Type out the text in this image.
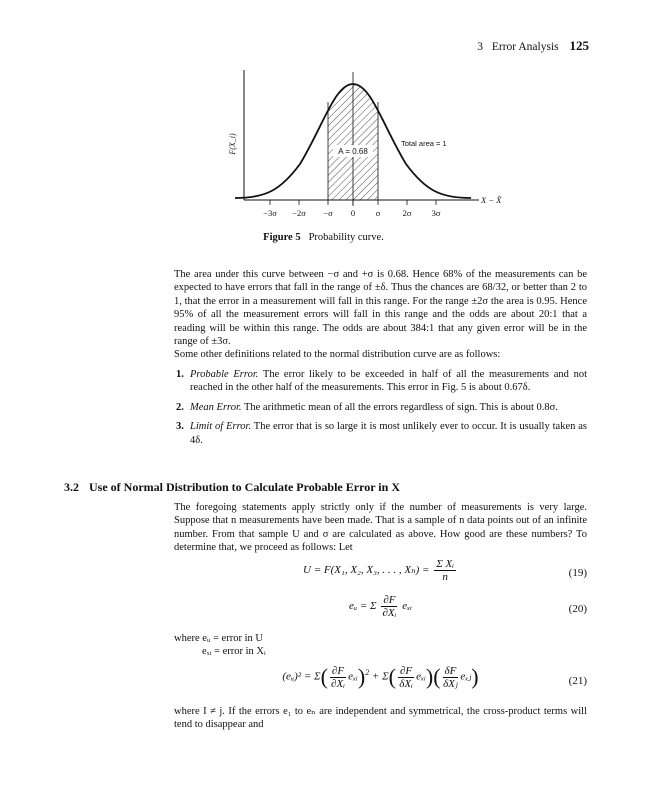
3 Error Analysis 125
−3σ −2σ −σ 0 σ	2σ 3σ
A = 0.68
Total area = 1
F(X_i)
X − X̄
Figure 5 Probability curve.

The area under this curve between −σ and +σ is 0.68. Hence 68% of the measurements can be expected to have errors that fall in the range of ±δ. Thus the chances are 68/32, or better than 2 to 1, that the error in a measurement will fall in this range. For the range ±2σ the area is 0.95. Hence 95% of all the measurement errors will fall in this range and the odds are about 20:1 that a reading will be within this range. The odds are about 384:1 that any given error will be in the range of ±3σ.

Some other definitions related to the normal distribution curve are as follows:

1. Probable Error. The error likely to be exceeded in half of all the measurements and not reached in the other half of the measurements. This error in Fig. 5 is about 0.67δ.
2. Mean Error. The arithmetic mean of all the errors regardless of sign. This is about 0.8σ.
3. Limit of Error. The error that is so large it is most unlikely ever to occur. It is usually taken as 4δ.
3.2 Use of Normal Distribution to Calculate Probable Error in X

The foregoing statements apply strictly only if the number of measurements is very large. Suppose that n measurements have been made. That is a sample of n data points out of an infinite number. From that sample U and σ are calculated as above. How good are these numbers? To determine that, we proceed as follows: Let

U = F(X₁, X₂, X₃, . . . , $X_n) = \frac{\text{Σ Xᵢ}}{n}$	(19)
eᵤ = Σ $\frac{\partial F}{\text{∂Xᵢ}}$ eₓᵢ	(20)
where eᵤ = error in U
eₓᵢ = error in Xᵢ
(eᵤ)² = $\Sigma( \frac{\partial F}{\text{∂Xᵢ}}$ eₓᵢ)$^2$ + $\Sigma( \frac{\partial F}{\text{δXᵢ}}$ eₓᵢ)( $\frac{\delta F}{\text{δXⱼ}}$ eₓⱼ)	(21)

where I ≠ j. If the errors e₁ to eₙ are independent and symmetrical, the cross-product terms will tend to disappear and
